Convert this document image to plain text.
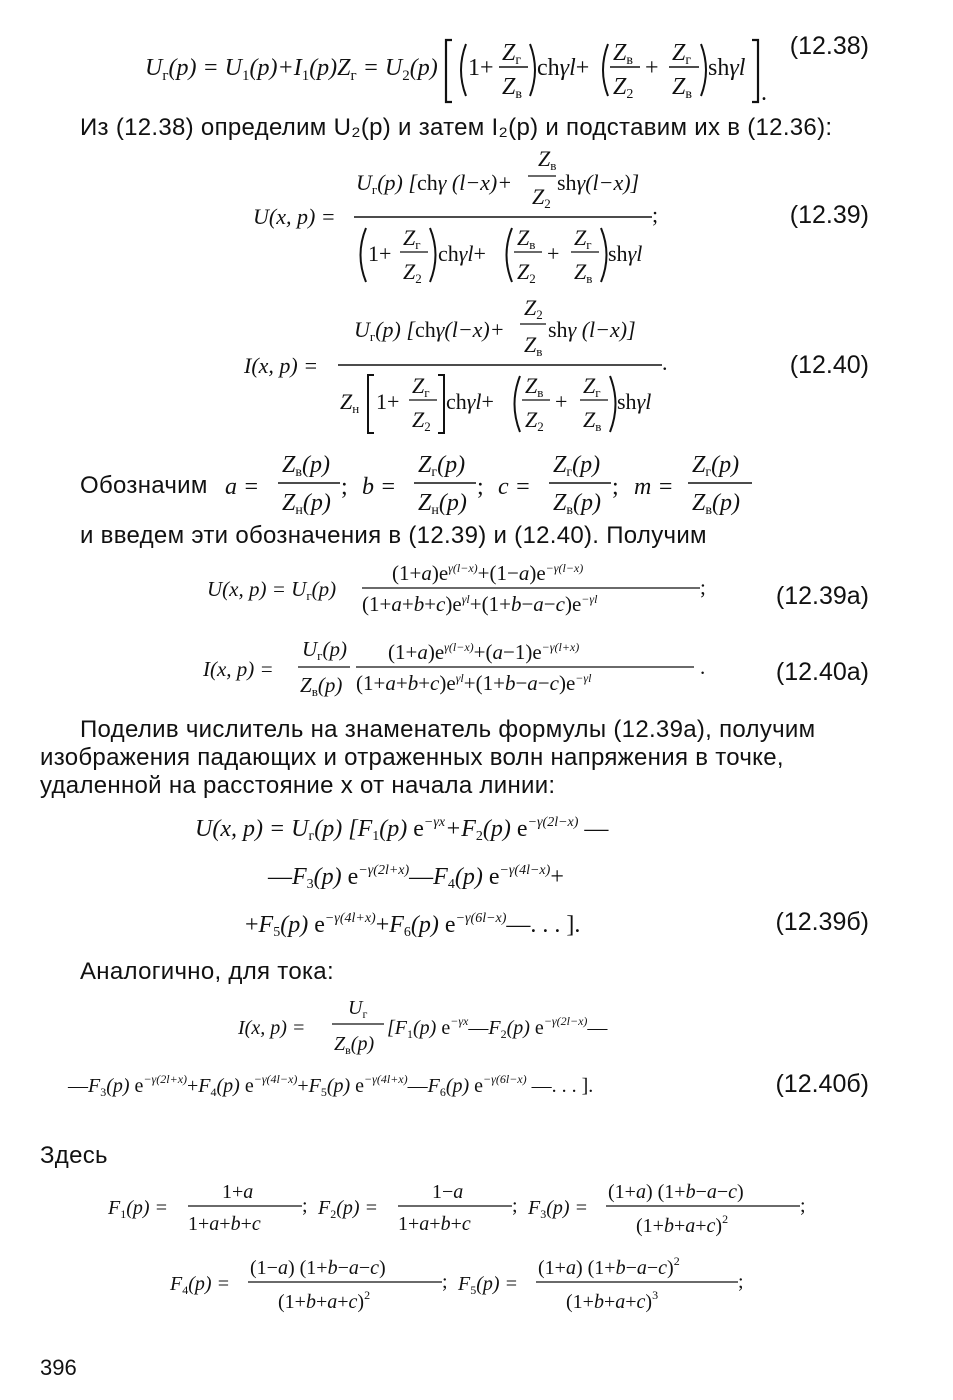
$U_г(p) = U_1(p)+I_1(p)Z_г = U_2(p)$ 1+
Zг
Zв
chγl+
Zв
Z2
+
Zг
Zв
shγl
.
(12.38)
Из (12.38) определим U₂(p) и затем I₂(p) и подставим их в (12.36):
U(x, p) =
Zв
Uг(p) [chγ (l−x)+
Z2
shγ(l−x)]
;
1+
Zг
Z2
chγl+
Zв
Z2
+
Zг
Zв
shγl
(12.39)
I(x, p) =
Z2
Uг(p) [chγ(l−x)+
Zв
shγ (l−x)]
.
Zн 1+
Zг
Z2
chγl+
Zв
Z2
+
Zг
Zв
shγl
(12.40)
Обозначим a =
Zв(p)
Zн(p)
; b =
Zг(p)
Zн(p)
; c =
Zг(p)
Zв(p)
; m =
Zг(p)
Zв(p)
и введем эти обозначения в (12.39) и (12.40). Получим
U(x, p) = Uг(p)
$(1+a)e^{\gamma(l-x)}+(1-a)e^{-\gamma(l-x)}$
$(1+a+b+c)e^{\gamma l}+(1+b-a-c)e^{-\gamma l}$	;	(12.39a)
I(x, p) =
Uг(p)
Zв(p)
$(1+a)e^{\gamma(l-x)}+(a-1)e^{-\gamma(l+x)}$
$(1+a+b+c)e^{\gamma l}+(1+b-a-c)e^{-\gamma l}$	.	(12.40a)
Поделив числитель на знаменатель формулы (12.39а), получим
изображения падающих и отраженных волн напряжения в точке,
удаленной на расстояние x от начала линии:
U(x, p) = Uг(p) [F1(p) $e^{-\gamma x}+F2(p)$ $e^{-\gamma(2l-x)}$ —
—F3(p) $e^{-\gamma(2l+x)}—F4(p)$ $e^{-\gamma(4l-x)}+$
+F5(p) $e^{-\gamma(4l+x)}+F6(p)$ $e^{-\gamma(6l-x)}—$. . . ].	(12.39б)
Аналогично, для тока:
I(x, p) =
$U_г$
$Z_в(p)$
[$F_1(p)$ $e^{-\gamma x}—F_2(p)$ $e^{-\gamma(2l-x)}—$
$—F_3(p)$ $e^{-\gamma(2l+x)}+F_4(p)$ $e^{-\gamma(4l-x)}+F_5(p)$ $e^{-\gamma(4l+x)}—F_6(p)$ $e^{-\gamma(6l-x)}$ —. . . ].	(12.40б)
Здесь
$F_1(p)$ =
1+a
1+a+b+c
; $F_2(p)$ =
1−a
1+a+b+c
; $F_3(p)$ =
(1+a) (1+b−a−c)
$(1+b+a+c)^2$
;
$F_4(p)$ =
(1−a) (1+b−a−c)
$(1+b+a+c)^2$
; $F_5(p)$ =
(1+a) $(1+b-a-c)^2$
$(1+b+a+c)^3$
;
396
